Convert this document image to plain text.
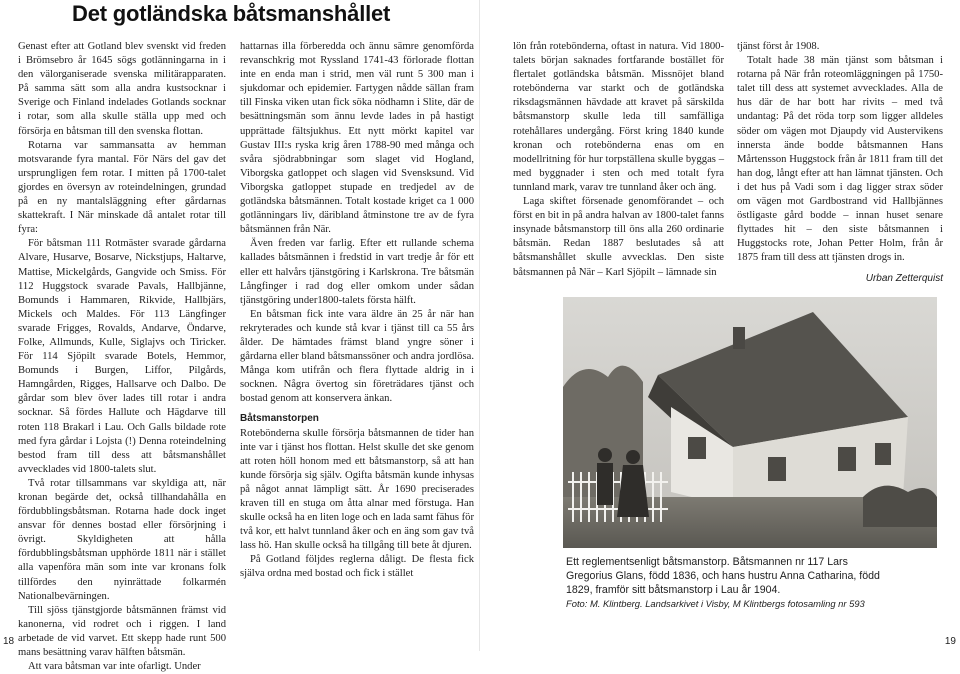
Det gotländska båtsmanshållet

Genast efter att Gotland blev svenskt vid freden i Brömsebro år 1645 sögs gotlänningarna in i den välorganiserade svenska militärapparaten. På samma sätt som alla andra kustsocknar i Sverige och Finland indelades Gotlands socknar i rotar, som alla skulle ställa upp med och försörja en båtsman till den svenska flottan.

Rotarna var sammansatta av hemman motsvarande fyra mantal. För Närs del gav det ursprungligen fem rotar. I mitten på 1700-talet gjordes en översyn av roteindelningen, grundad på en ny mantalsläggning efter gårdarnas skattekraft. I När minskade då antalet rotar till fyra:

För båtsman 111 Rotmäster svarade gårdarna Alvare, Husarve, Bosarve, Nickstjups, Haltarve, Mattise, Mickelgårds, Gangvide och Smiss. För 112 Huggstock svarade Pavals, Hallbjänne, Bomunds i Hammaren, Rikvide, Hallbjärs, Mickels och Maldes. För 113 Längfinger svarade Frigges, Rovalds, Andarve, Öndarve, Folke, Allmunds, Kulle, Siglajvs och Tiricker. För 114 Sjöpilt svarade Botels, Hemmor, Bomunds i Burgen, Liffor, Pilgårds, Hamngården, Rigges, Hallsarve och Dalbo. De gårdar som blev över lades till rotar i andra socknar. Så fördes Hallute och Hägdarve till roten 118 Brakarl i Lau. Och Galls bildade rote med fyra gårdar i Lojsta (!) Denna roteindelning bestod fram till dess att båtsmanshållet avvecklades vid 1800-talets slut.

Två rotar tillsammans var skyldiga att, när kronan begärde det, också tillhandahålla en fördubblingsbåtsman. Rotarna hade dock inget ansvar för dennes bostad eller försörjning i övrigt. Skyldigheten att hålla fördubblingsbåtsman upphörde 1811 när i stället alla vapenföra män som inte var kronans folk tillfördes den nyinrättade folkarmén Nationalbevärningen.

Till sjöss tjänstgjorde båtsmännen främst vid kanonerna, vid rodret och i riggen. I land arbetade de vid varvet. Ett skepp hade runt 500 mans besättning varav hälften båtsmän.

Att vara båtsman var inte ofarligt. Under

hattarnas illa förberedda och ännu sämre genomförda revanschkrig mot Ryssland 1741-43 förlorade flottan inte en enda man i strid, men väl runt 5 300 man i sjukdomar och epidemier. Fartygen nådde sällan fram till Finska viken utan fick söka nödhamn i Slite, där de besättningsmän som ännu levde lades in på hastigt upprättade fältsjukhus. Ett nytt mörkt kapitel var Gustav III:s ryska krig åren 1788-90 med många och svåra sjödrabbningar som slaget vid Hogland, Viborgska gatloppet och slagen vid Svensksund. Vid Viborgska gatloppet stupade en tredjedel av de gotländska båtsmännen. Totalt kostade kriget ca 1 000 gotlänningars liv, däribland åtminstone tre av de fyra båtsmännen från När.

Även freden var farlig. Efter ett rullande schema kallades båtsmännen i fredstid in vart tredje år för ett eller ett halvårs tjänstgöring i Karlskrona. Tre båtsmän Långfinger i rad dog eller omkom under sådan tjänstgöring under1800-talets första hälft.

En båtsman fick inte vara äldre än 25 år när han rekryterades och kunde stå kvar i tjänst till ca 55 års ålder. De hämtades främst bland yngre söner i gårdarna eller bland båtsmanssöner och andra jordlösa. Många kom utifrån och flera flyttade aldrig in i socknen. Några övertog sin företrädares tjänst och bostad genom att konservera änkan.

Båtsmanstorpen

Rotebönderna skulle försörja båtsmannen de tider han inte var i tjänst hos flottan. Helst skulle det ske genom att roten höll honom med ett båtsmanstorp, så att han kunde försörja sig själv. Ogifta båtsmän kunde inhysas på något annat lämpligt sätt. År 1690 preciserades kraven till en stuga om åtta alnar med förstuga. Han skulle också ha en liten loge och en lada samt fähus för två kor, ett halvt tunnland åker och en äng som gav två lass hö. Han skulle också ha tillgång till bete åt djuren.

På Gotland följdes reglerna dåligt. De flesta fick själva ordna med bostad och fick i stället

lön från rotebönderna, oftast in natura. Vid 1800-talets början saknades fortfarande bostället för flertalet gotländska båtsmän. Missnöjet bland rotebönderna var starkt och de gotländska riksdagsmännen hävdade att kravet på särskilda båtsmanstorp skulle leda till samfälliga rotehållares undergång. Först kring 1840 kunde kronan och rotebönderna enas om en modellritning för hur torpställena skulle byggas – med byggnader i sten och med totalt fyra tunnland mark, varav tre tunnland åker och äng.

Laga skiftet försenade genomförandet – och först en bit in på andra halvan av 1800-talet fanns insynade båtsmanstorp till öns alla 260 ordinarie båtsmän. Redan 1887 beslutades så att båtsmanshållet skulle avvecklas. Den siste båtsmannen på När – Karl Sjöpilt – lämnade sin

tjänst först år 1908.

Totalt hade 38 män tjänst som båtsman i rotarna på När från roteomläggningen på 1750-talet till dess att systemet avvecklades. Alla de hus där de har bott har rivits – med två undantag: På det röda torp som ligger alldeles söder om vägen mot Djaupdy vid Austervikens innersta ände bodde båtsmannen Hans Mårtensson Huggstock från år 1811 fram till det han dog, långt efter att han lämnat tjänsten. Och i det hus på Vadi som i dag ligger strax söder om vägen mot Gardbostrand vid Hallbjännes östligaste gård bodde – innan huset senare flyttades hit – den siste båtsmannen i Huggstocks rote, Johan Petter Holm, från år 1875 fram till dess att tjänsten drogs in.

Urban Zetterquist

Ett reglementsenligt båtsmanstorp. Båtsmannen nr 117 Lars Gregorius Glans, född 1836, och hans hustru Anna Catharina, född 1829, framför sitt båtsmanstorp i Lau år 1904.
Foto: M. Klintberg. Landsarkivet i Visby, M Klintbergs fotosamling nr 593
18	19
